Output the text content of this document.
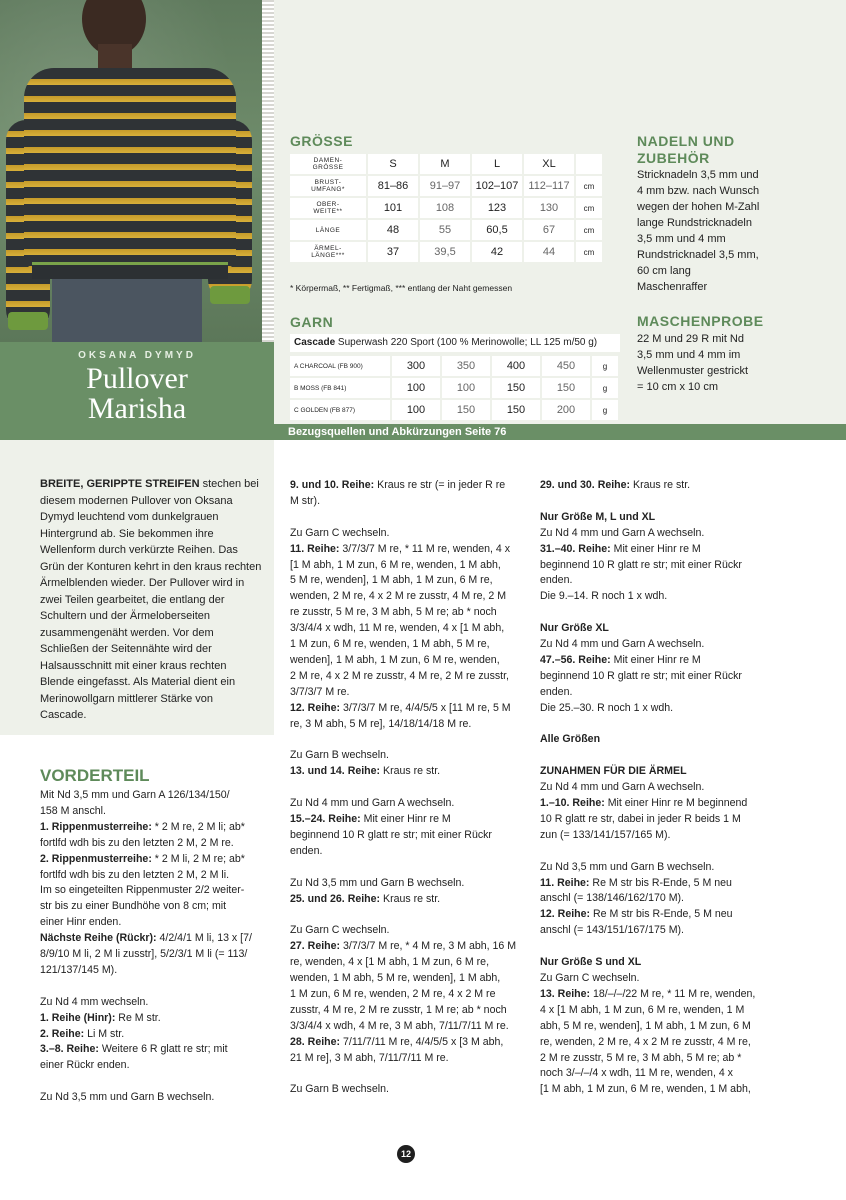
OKSANA DYMYD
Pullover
Marisha
GRÖSSE
DAMEN-
GRÖSSE	S	M	L	XL	
BRUST-
UMFANG*	81–86	91–97	102–107	112–117	cm
OBER-
WEITE**	101	108	123	130	cm
LÄNGE	48	55	60,5	67	cm
ÄRMEL-
LÄNGE***	37	39,5	42	44	cm
* Körpermaß, ** Fertigmaß, *** entlang der Naht gemessen
GARN
Cascade Superwash 220 Sport (100 % Merinowolle; LL 125 m/50 g)
A CHARCOAL (FB 900)	300	350	400	450	g
B MOSS (FB 841)	100	100	150	150	g
C GOLDEN (FB 877)	100	150	150	200	g
NADELN UND
ZUBEHÖR
Stricknadeln 3,5 mm und
4 mm bzw. nach Wunsch
wegen der hohen M-Zahl
lange Rundstricknadeln
3,5 mm und 4 mm
Rundstricknadel 3,5 mm,
60 cm lang
Maschenraffer
MASCHENPROBE
22 M und 29 R mit Nd
3,5 mm und 4 mm im
Wellenmuster gestrickt
= 10 cm x 10 cm
Bezugsquellen und Abkürzungen Seite 76

BREITE, GERIPPTE STREIFEN stechen bei diesem modernen Pullover von Oksana Dymyd leuchtend vom dunkelgrauen Hintergrund ab. Sie bekommen ihre Wellenform durch verkürzte Reihen. Das Grün der Konturen kehrt in den kraus rechten Ärmelblenden wieder. Der Pullover wird in zwei Teilen gearbeitet, die entlang der Schultern und der Ärmeloberseiten zusammengenäht werden. Vor dem Schließen der Seitennähte wird der Halsausschnitt mit einer kraus rechten Blende eingefasst. Als Material dient ein Merinowollgarn mittlerer Stärke von Cascade.

VORDERTEIL

Mit Nd 3,5 mm und Garn A 126/134/150/

158 M anschl.

1. Rippenmusterreihe: * 2 M re, 2 M li; ab*

fortlfd wdh bis zu den letzten 2 M, 2 M re.

2. Rippenmusterreihe: * 2 M li, 2 M re; ab*

fortlfd wdh bis zu den letzten 2 M, 2 M li.

Im so eingeteilten Rippenmuster 2/2 weiter-

str bis zu einer Bundhöhe von 8 cm; mit

einer Hinr enden.

Nächste Reihe (Rückr): 4/2/4/1 M li, 13 x [7/

8/9/10 M li, 2 M li zusstr], 5/2/3/1 M li (= 113/

121/137/145 M).

Zu Nd 4 mm wechseln.

1. Reihe (Hinr): Re M str.

2. Reihe: Li M str.

3.–8. Reihe: Weitere 6 R glatt re str; mit

einer Rückr enden.

Zu Nd 3,5 mm und Garn B wechseln.

9. und 10. Reihe: Kraus re str (= in jeder R re

M str).

Zu Garn C wechseln.

11. Reihe: 3/7/3/7 M re, * 11 M re, wenden, 4 x

[1 M abh, 1 M zun, 6 M re, wenden, 1 M abh,

5 M re, wenden], 1 M abh, 1 M zun, 6 M re,

wenden, 2 M re, 4 x 2 M re zusstr, 4 M re, 2 M

re zusstr, 5 M re, 3 M abh, 5 M re; ab * noch

3/3/4/4 x wdh, 11 M re, wenden, 4 x [1 M abh,

1 M zun, 6 M re, wenden, 1 M abh, 5 M re,

wenden], 1 M abh, 1 M zun, 6 M re, wenden,

2 M re, 4 x 2 M re zusstr, 4 M re, 2 M re zusstr,

3/7/3/7 M re.

12. Reihe: 3/7/3/7 M re, 4/4/5/5 x [11 M re, 5 M

re, 3 M abh, 5 M re], 14/18/14/18 M re.

Zu Garn B wechseln.

13. und 14. Reihe: Kraus re str.

Zu Nd 4 mm und Garn A wechseln.

15.–24. Reihe: Mit einer Hinr re M

beginnend 10 R glatt re str; mit einer Rückr

enden.

Zu Nd 3,5 mm und Garn B wechseln.

25. und 26. Reihe: Kraus re str.

Zu Garn C wechseln.

27. Reihe: 3/7/3/7 M re, * 4 M re, 3 M abh, 16 M

re, wenden, 4 x [1 M abh, 1 M zun, 6 M re,

wenden, 1 M abh, 5 M re, wenden], 1 M abh,

1 M zun, 6 M re, wenden, 2 M re, 4 x 2 M re

zusstr, 4 M re, 2 M re zusstr, 1 M re; ab * noch

3/3/4/4 x wdh, 4 M re, 3 M abh, 7/11/7/11 M re.

28. Reihe: 7/11/7/11 M re, 4/4/5/5 x [3 M abh,

21 M re], 3 M abh, 7/11/7/11 M re.

Zu Garn B wechseln.

29. und 30. Reihe: Kraus re str.

Nur Größe M, L und XL

Zu Nd 4 mm und Garn A wechseln.

31.–40. Reihe: Mit einer Hinr re M

beginnend 10 R glatt re str; mit einer Rückr

enden.

Die 9.–14. R noch 1 x wdh.

Nur Größe XL

Zu Nd 4 mm und Garn A wechseln.

47.–56. Reihe: Mit einer Hinr re M

beginnend 10 R glatt re str; mit einer Rückr

enden.

Die 25.–30. R noch 1 x wdh.

Alle Größen

ZUNAHMEN FÜR DIE ÄRMEL

Zu Nd 4 mm und Garn A wechseln.

1.–10. Reihe: Mit einer Hinr re M beginnend

10 R glatt re str, dabei in jeder R beids 1 M

zun (= 133/141/157/165 M).

Zu Nd 3,5 mm und Garn B wechseln.

11. Reihe: Re M str bis R-Ende, 5 M neu

anschl (= 138/146/162/170 M).

12. Reihe: Re M str bis R-Ende, 5 M neu

anschl (= 143/151/167/175 M).

Nur Größe S und XL

Zu Garn C wechseln.

13. Reihe: 18/–/–/22 M re, * 11 M re, wenden,

4 x [1 M abh, 1 M zun, 6 M re, wenden, 1 M

abh, 5 M re, wenden], 1 M abh, 1 M zun, 6 M

re, wenden, 2 M re, 4 x 2 M re zusstr, 4 M re,

2 M re zusstr, 5 M re, 3 M abh, 5 M re; ab *

noch 3/–/–/4 x wdh, 11 M re, wenden, 4 x

[1 M abh, 1 M zun, 6 M re, wenden, 1 M abh,

12
